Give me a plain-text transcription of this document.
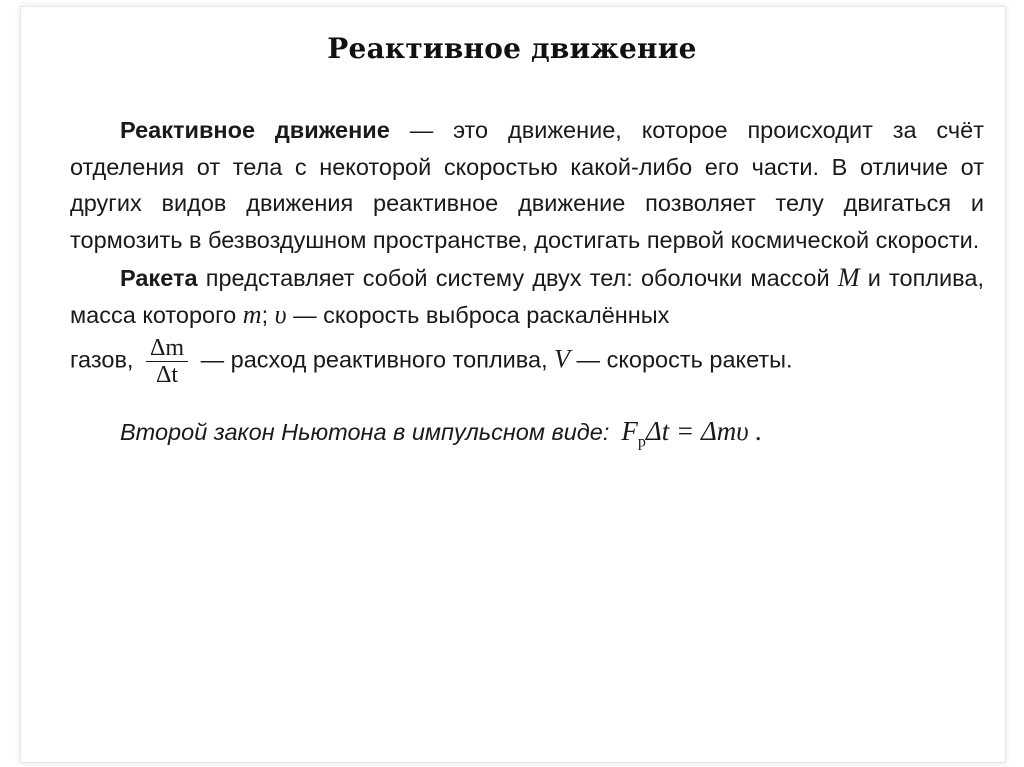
Реактивное движение

Реактивное движение — это движение, которое происходит за счёт отделения от тела с некоторой скоростью какой-либо его части. В отличие от других видов движения реактивное движение позволяет телу двигаться и тормозить в безвоздушном пространстве, достигать первой космической скорости.

Ракета представляет собой систему двух тел: оболочки массой M и топлива, масса которого m; υ — скорость выброса раскалённых

газов, $\frac{\Delta m}{\Delta t}$ — расход реактивного топлива, V — скорость ракеты.

Второй закон Ньютона в импульсном виде: $F_р\Delta t = \Delta m\upsilon$ .
